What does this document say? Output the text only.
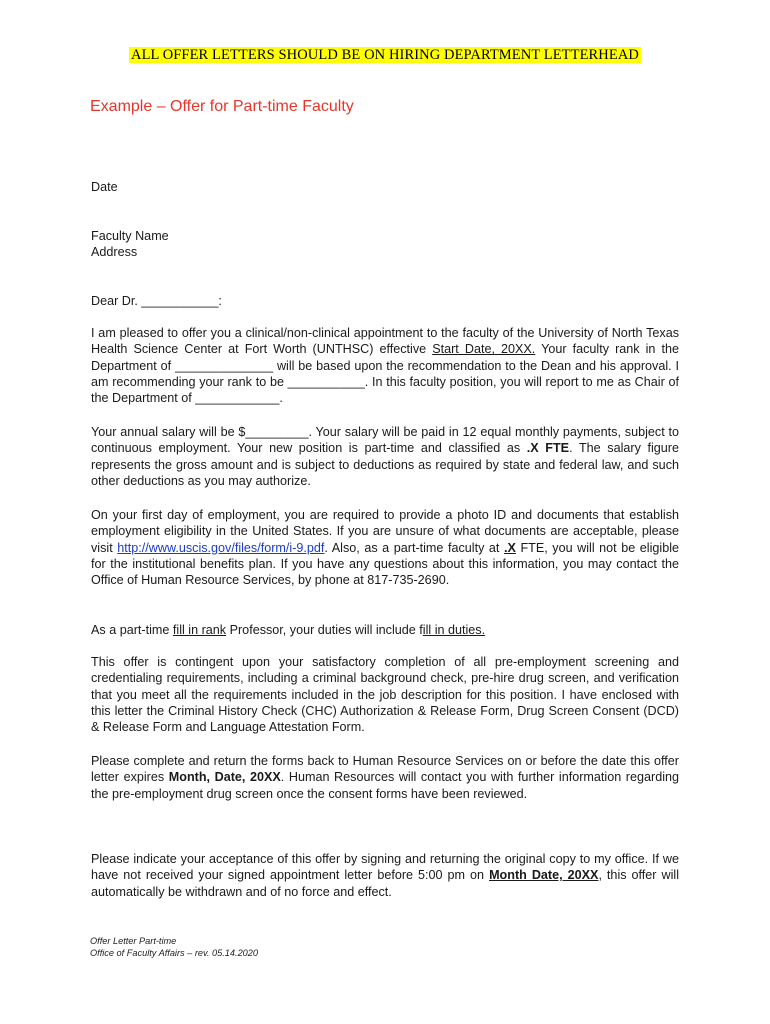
ALL OFFER LETTERS SHOULD BE ON HIRING DEPARTMENT LETTERHEAD
Example – Offer for Part-time Faculty
Date
Faculty Name
Address
Dear Dr. ___________:
I am pleased to offer you a clinical/non-clinical appointment to the faculty of the University of North Texas Health Science Center at Fort Worth (UNTHSC) effective Start Date, 20XX. Your faculty rank in the Department of ______________ will be based upon the recommendation to the Dean and his approval. I am recommending your rank to be ___________. In this faculty position, you will report to me as Chair of the Department of ____________.
Your annual salary will be $_________. Your salary will be paid in 12 equal monthly payments, subject to continuous employment. Your new position is part-time and classified as .X FTE. The salary figure represents the gross amount and is subject to deductions as required by state and federal law, and such other deductions as you may authorize.
On your first day of employment, you are required to provide a photo ID and documents that establish employment eligibility in the United States. If you are unsure of what documents are acceptable, please visit http://www.uscis.gov/files/form/i-9.pdf. Also, as a part-time faculty at .X FTE, you will not be eligible for the institutional benefits plan. If you have any questions about this information, you may contact the Office of Human Resource Services, by phone at 817-735-2690.
As a part-time fill in rank Professor, your duties will include fill in duties.
This offer is contingent upon your satisfactory completion of all pre-employment screening and credentialing requirements, including a criminal background check, pre-hire drug screen, and verification that you meet all the requirements included in the job description for this position. I have enclosed with this letter the Criminal History Check (CHC) Authorization & Release Form, Drug Screen Consent (DCD) & Release Form and Language Attestation Form.
Please complete and return the forms back to Human Resource Services on or before the date this offer letter expires Month, Date, 20XX. Human Resources will contact you with further information regarding the pre-employment drug screen once the consent forms have been reviewed.
Please indicate your acceptance of this offer by signing and returning the original copy to my office. If we have not received your signed appointment letter before 5:00 pm on Month Date, 20XX, this offer will automatically be withdrawn and of no force and effect.
Offer Letter Part-time
Office of Faculty Affairs – rev. 05.14.2020
